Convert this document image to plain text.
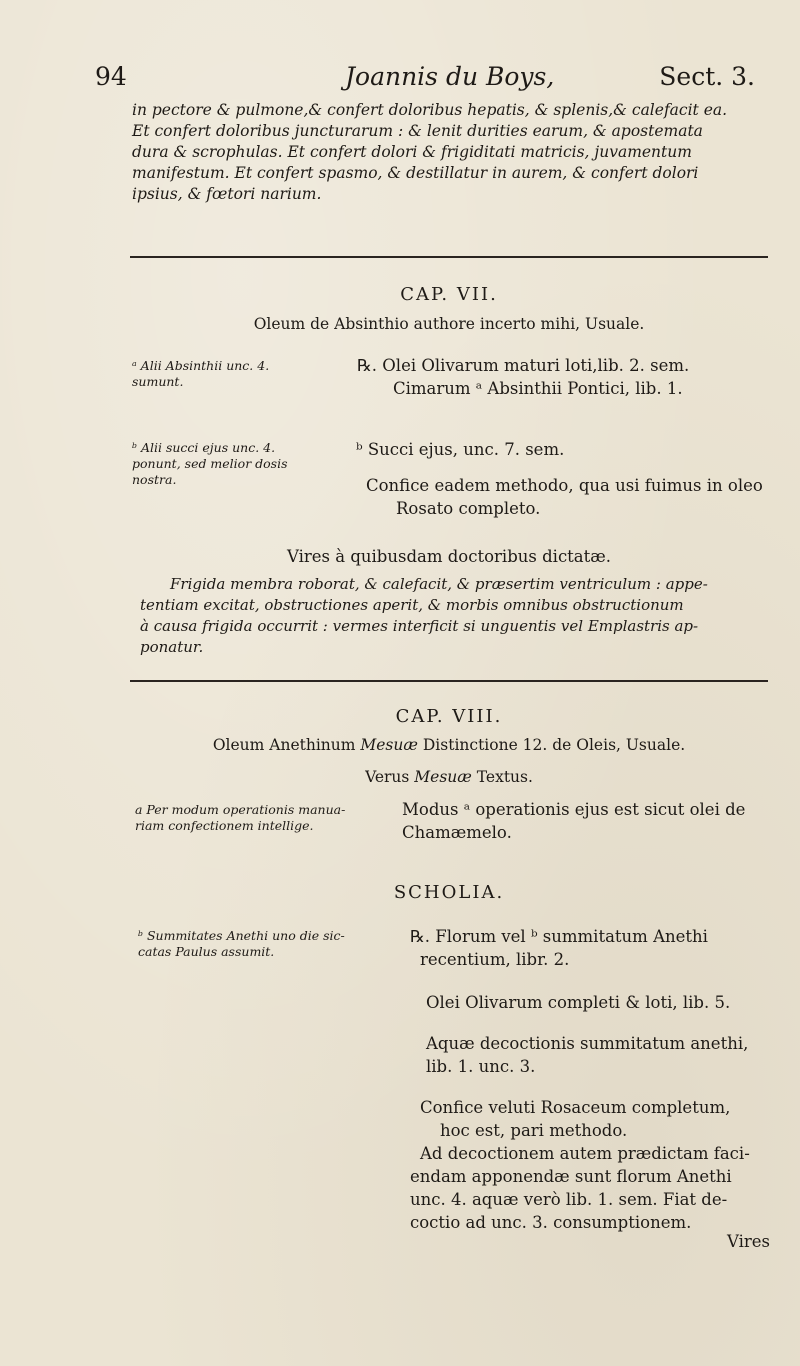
94	Joannis du Boys,	Sect. 3.
in pectore & pulmone,& confert doloribus hepatis, & splenis,& calefacit ea.
Et confert doloribus juncturarum : & lenit durities earum, & apostemata
dura & scrophulas. Et confert dolori & frigiditati matricis, juvamentum
manifestum. Et confert spasmo, & destillatur in aurem, & confert dolori
ipsius, & fœtori narium.
CAP. VII.
Oleum de Absinthio authore incerto mihi, Usuale.
ᵃ Alii Absinthii unc. 4.
sumunt.
℞. Olei Olivarum maturi loti,lib. 2. sem.
Cimarum ᵃ Absinthii Pontici, lib. 1.
ᵇ Alii succi ejus unc. 4.
ponunt, sed melior dosis
nostra.
ᵇ Succi ejus, unc. 7. sem.
Confice eadem methodo, qua usi fuimus in oleo
Rosato completo.
Vires à quibusdam doctoribus dictatæ.
Frigida membra roborat, & calefacit, & præsertim ventriculum : appe-
tentiam excitat, obstructiones aperit, & morbis omnibus obstructionum
à causa frigida occurrit : vermes interficit si unguentis vel Emplastris ap-
ponatur.
CAP. VIII.
Oleum Anethinum Mesuæ Distinctione 12. de Oleis, Usuale.
Verus Mesuæ Textus.
a Per modum operationis manua-
riam confectionem intellige.
Modus ᵃ operationis ejus est sicut olei de
Chamæmelo.
SCHOLIA.
ᵇ Summitates Anethi uno die sic-
catas Paulus assumit.
℞. Florum vel ᵇ summitatum Anethi
recentium, libr. 2.
Olei Olivarum completi & loti, lib. 5.
Aquæ decoctionis summitatum anethi,
lib. 1. unc. 3.
Confice veluti Rosaceum completum,
hoc est, pari methodo.
Ad decoctionem autem prædictam faci-
endam apponendæ sunt florum Anethi
unc. 4. aquæ verò lib. 1. sem. Fiat de-
coctio ad unc. 3. consumptionem.
Vires
